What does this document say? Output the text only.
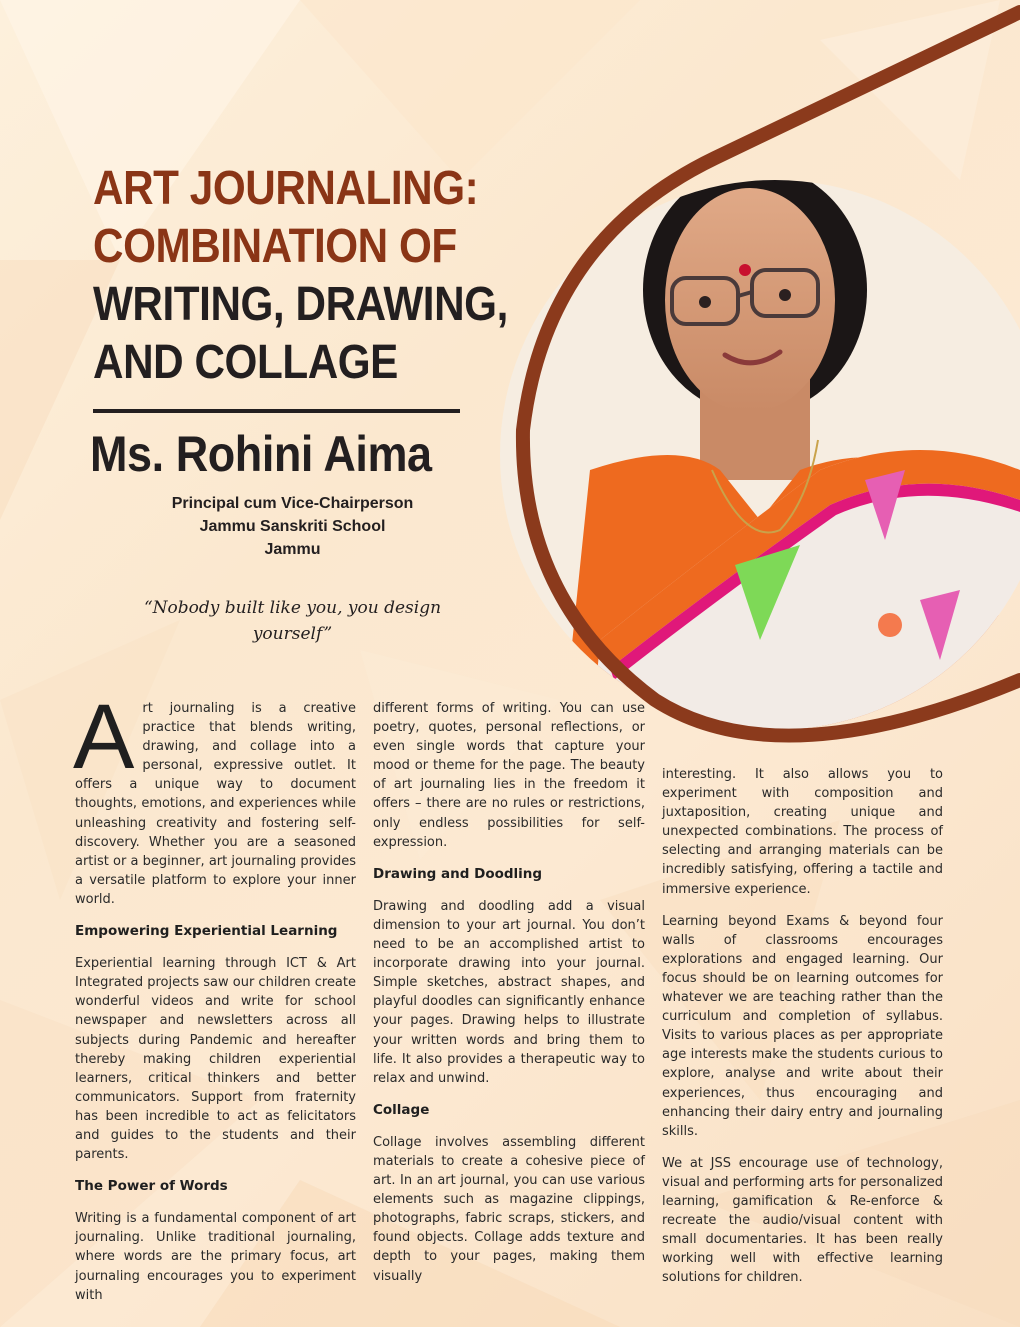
ART JOURNALING:
COMBINATION OF
WRITING, DRAWING,
AND COLLAGE
Ms. Rohini Aima
Principal cum Vice-Chairperson
Jammu Sanskriti School
Jammu
“Nobody built like you, you design yourself”

Art journaling is a creative practice that blends writing, drawing, and collage into a personal, expressive outlet. It offers a unique way to document thoughts, emotions, and experiences while unleashing creativity and fostering self-discovery. Whether you are a seasoned artist or a beginner, art journaling provides a versatile platform to explore your inner world.

Empowering Experiential Learning

Experiential learning through ICT & Art Integrated projects saw our children create wonderful videos and write for school newspaper and newsletters across all subjects during Pandemic and hereafter thereby making children experiential learners, critical thinkers and better communicators. Support from fraternity has been incredible to act as felicitators and guides to the students and their parents.

The Power of Words

Writing is a fundamental component of art journaling. Unlike traditional journaling, where words are the primary focus, art journaling encourages you to experiment with

different forms of writing. You can use poetry, quotes, personal reflections, or even single words that capture your mood or theme for the page. The beauty of art journaling lies in the freedom it offers – there are no rules or restrictions, only endless possibilities for self-expression.

Drawing and Doodling

Drawing and doodling add a visual dimension to your art journal. You don’t need to be an accomplished artist to incorporate drawing into your journal. Simple sketches, abstract shapes, and playful doodles can significantly enhance your pages. Drawing helps to illustrate your written words and bring them to life. It also provides a therapeutic way to relax and unwind.

Collage

Collage involves assembling different materials to create a cohesive piece of art. In an art journal, you can use various elements such as magazine clippings, photographs, fabric scraps, stickers, and found objects. Collage adds texture and depth to your pages, making them visually

interesting. It also allows you to experiment with composition and juxtaposition, creating unique and unexpected combinations. The process of selecting and arranging materials can be incredibly satisfying, offering a tactile and immersive experience.

Learning beyond Exams & beyond four walls of classrooms encourages explorations and engaged learning. Our focus should be on learning outcomes for whatever we are teaching rather than the curriculum and completion of syllabus. Visits to various places as per appropriate age interests make the students curious to explore, analyse and write about their experiences, thus encouraging and enhancing their dairy entry and journaling skills.

We at JSS encourage use of technology, visual and performing arts for personalized learning, gamification & Re-enforce & recreate the audio/visual content with small documentaries. It has been really working well with effective learning solutions for children.
